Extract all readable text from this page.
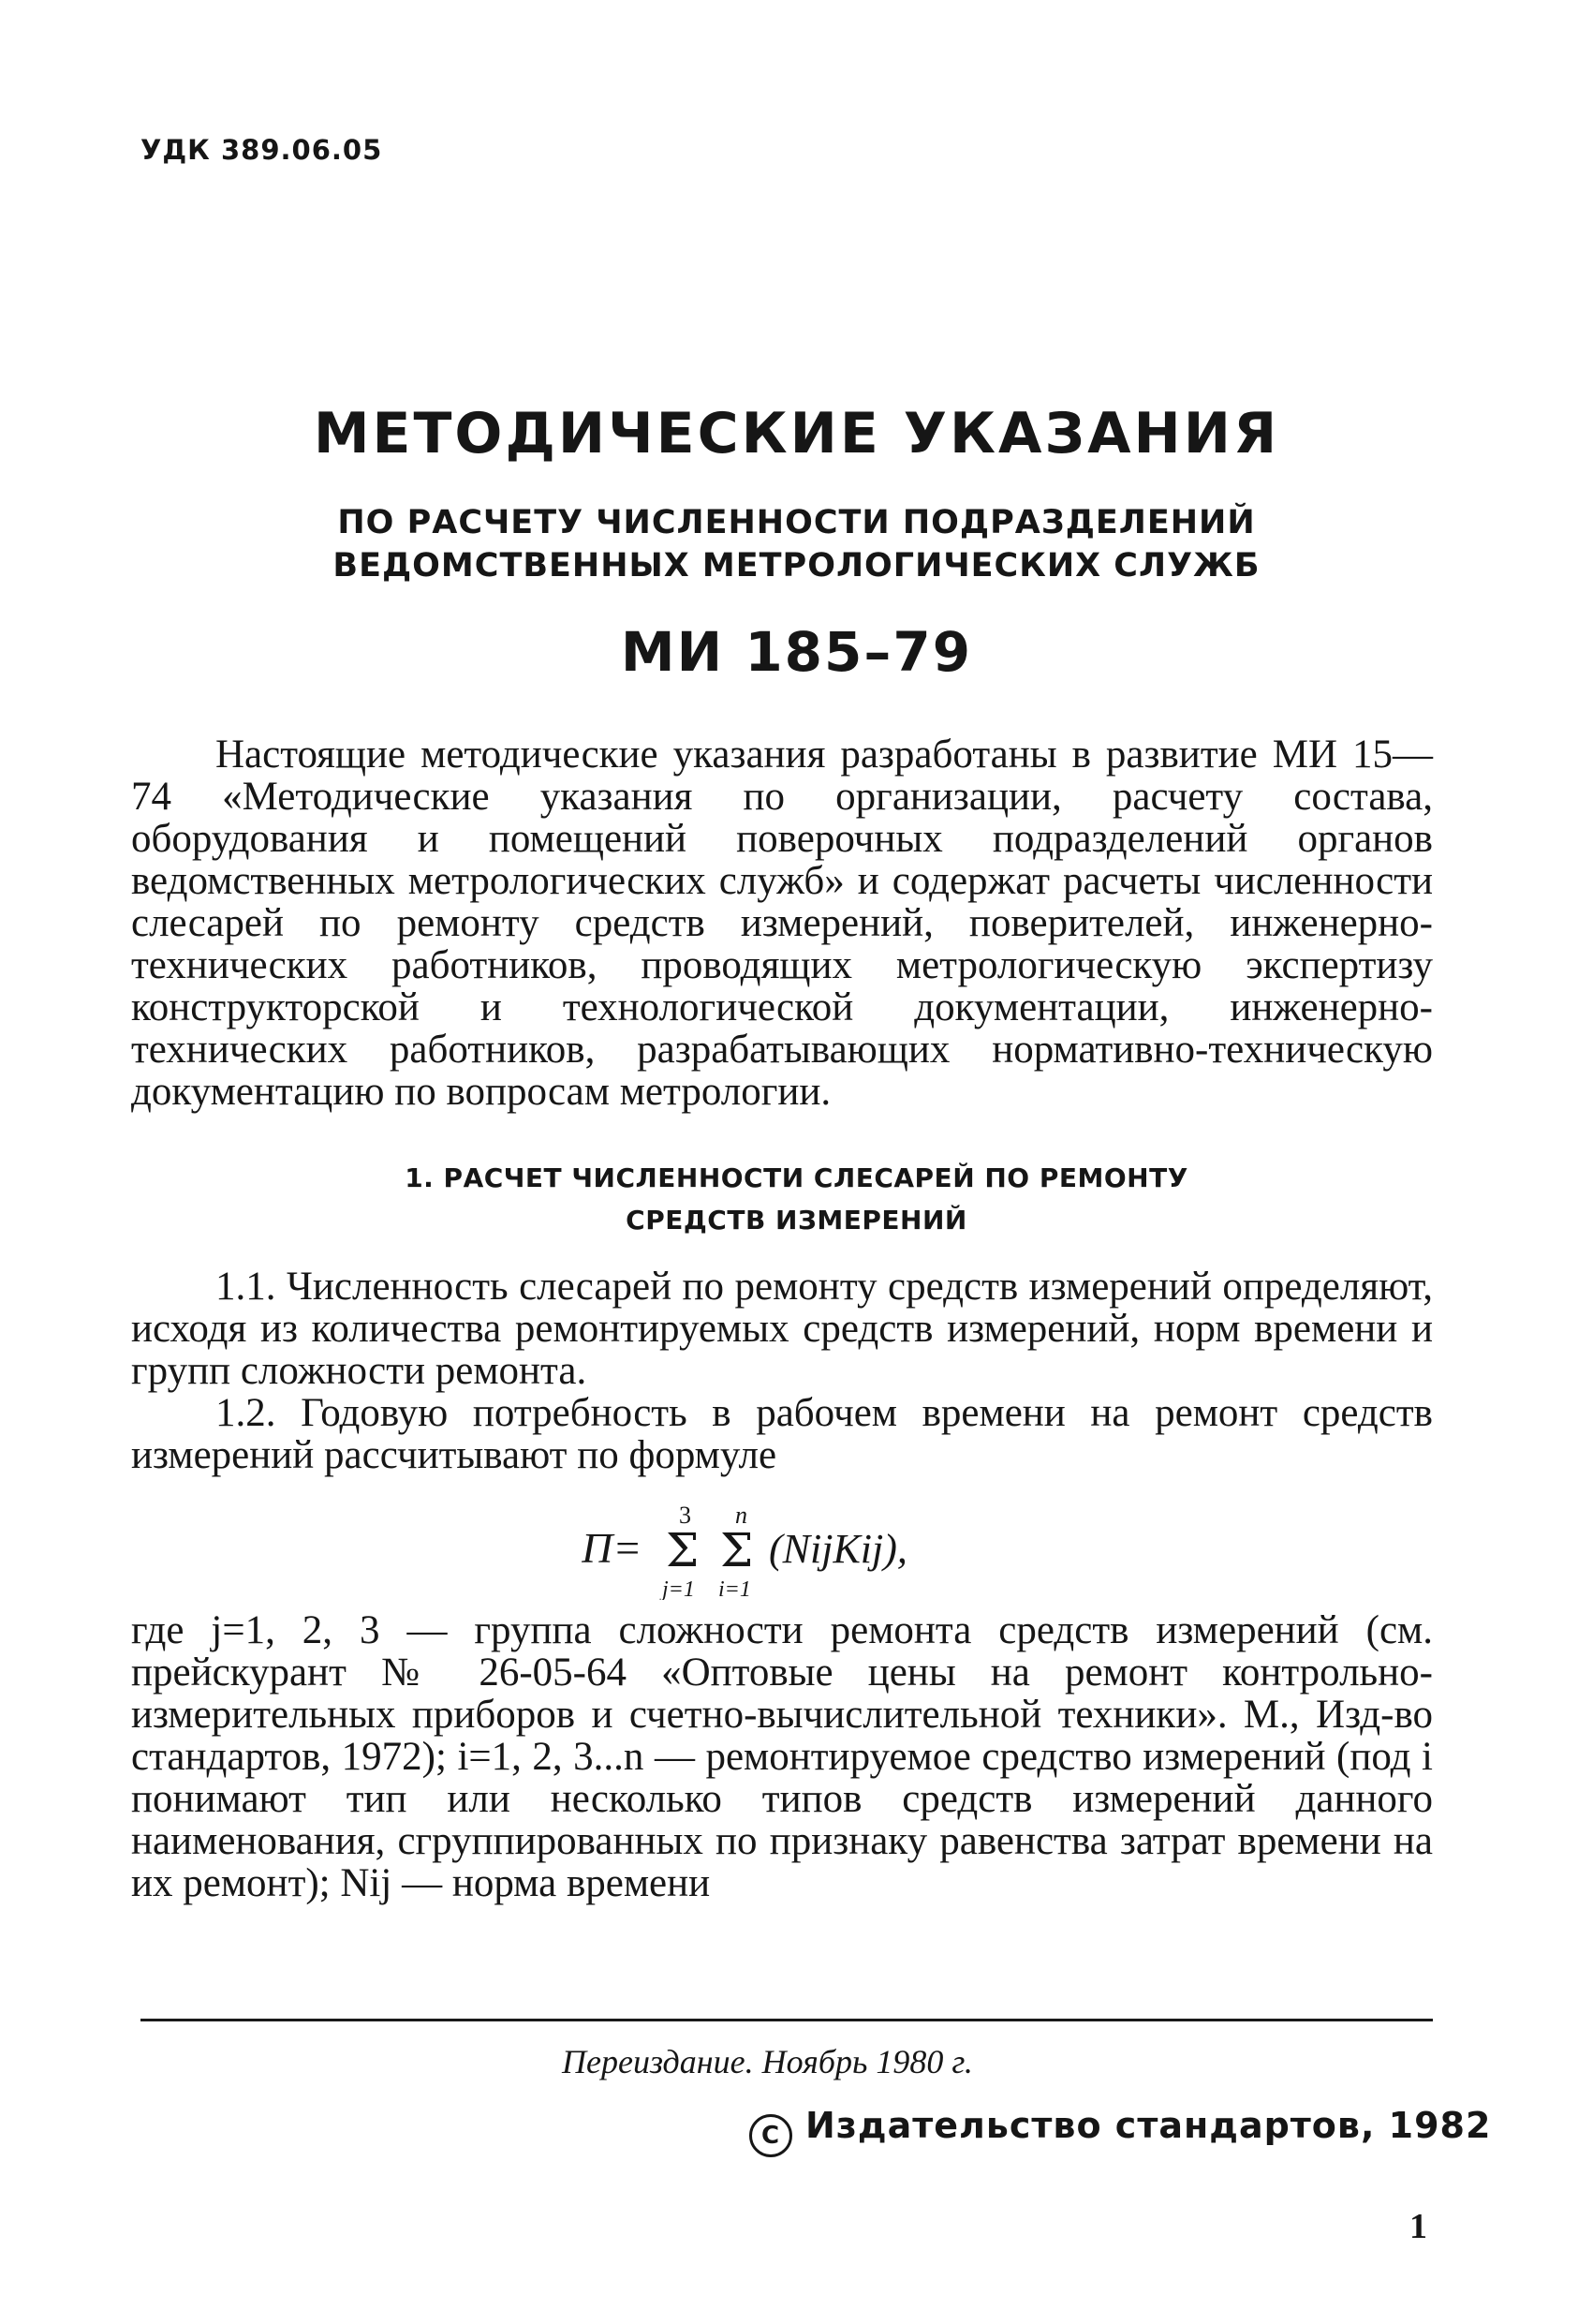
УДК 389.06.05
МЕТОДИЧЕСКИЕ УКАЗАНИЯ
ПО РАСЧЕТУ ЧИСЛЕННОСТИ ПОДРАЗДЕЛЕНИЙ
ВЕДОМСТВЕННЫХ МЕТРОЛОГИЧЕСКИХ СЛУЖБ
МИ 185–79

Настоящие методические указания разработаны в развитие МИ 15—74 «Методические указания по организации, расчету состава, оборудования и помещений поверочных подразделений органов ведомственных метрологических служб» и содержат расчеты численности слесарей по ремонту средств измерений, поверителей, инженерно-технических работников, проводящих метрологическую экспертизу конструкторской и технологической документации, инженерно-технических работников, разрабатывающих нормативно-техническую документацию по вопросам метрологии.

1. РАСЧЕТ ЧИСЛЕННОСТИ СЛЕСАРЕЙ ПО РЕМОНТУ
СРЕДСТВ ИЗМЕРЕНИЙ

1.1. Численность слесарей по ремонту средств измерений определяют, исходя из количества ремонтируемых средств измерений, норм времени и групп сложности ремонта.

1.2. Годовую потребность в рабочем времени на ремонт средств измерений рассчитывают по формуле

П=
3
Σ
j=1
n
Σ
i=1
(NijKij),

где j=1, 2, 3 — группа сложности ремонта средств измерений (см. прейскурант № 26-05-64 «Оптовые цены на ремонт контрольно-измерительных приборов и счетно-вычислительной техники». М., Изд-во стандартов, 1972); i=1, 2, 3...n — ремонтируемое средство измерений (под i понимают тип или несколько типов средств измерений данного наименования, сгруппированных по признаку равенства затрат времени на их ремонт); Nij — норма времени

Переиздание. Ноябрь 1980 г.
C Издательство стандартов, 1982
1
